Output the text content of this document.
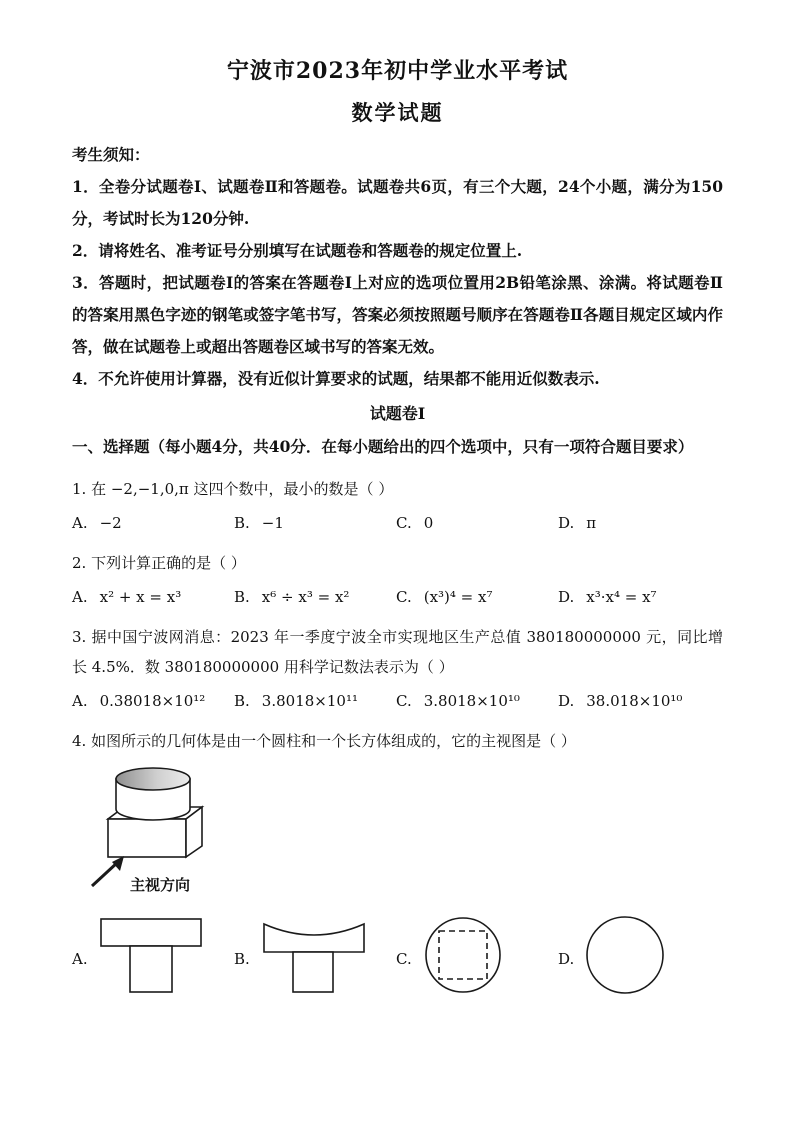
宁波市2023年初中学业水平考试
数学试题

考生须知：

1．全卷分试题卷Ⅰ、试题卷Ⅱ和答题卷。试题卷共6页，有三个大题，24个小题，满分为150分，考试时长为120分钟.

2．请将姓名、准考证号分别填写在试题卷和答题卷的规定位置上.

3．答题时，把试题卷Ⅰ的答案在答题卷Ⅰ上对应的选项位置用2B铅笔涂黑、涂满。将试题卷Ⅱ的答案用黑色字迹的钢笔或签字笔书写，答案必须按照题号顺序在答题卷Ⅱ各题目规定区域内作答，做在试题卷上或超出答题卷区域书写的答案无效。

4．不允许使用计算器，没有近似计算要求的试题，结果都不能用近似数表示.

试题卷Ⅰ

一、选择题（每小题4分，共40分．在每小题给出的四个选项中，只有一项符合题目要求）

1. 在 −2,−1,0,π 这四个数中，最小的数是（ ）

A. −2	B. −1	C. 0	D. π

2. 下列计算正确的是（ ）

A. x² + x = x³	B. x⁶ ÷ x³ = x²	C. (x³)⁴ = x⁷	D. x³·x⁴ = x⁷

3. 据中国宁波网消息：2023 年一季度宁波全市实现地区生产总值 380180000000 元，同比增长 4.5%．数 380180000000 用科学记数法表示为（ ）

A. 0.38018×10¹² B. 3.8018×10¹¹	C. 3.8018×10¹⁰	D. 38.018×10¹⁰

4. 如图所示的几何体是由一个圆柱和一个长方体组成的，它的主视图是（ ）

主视方向
A.	B.	C.	D.
